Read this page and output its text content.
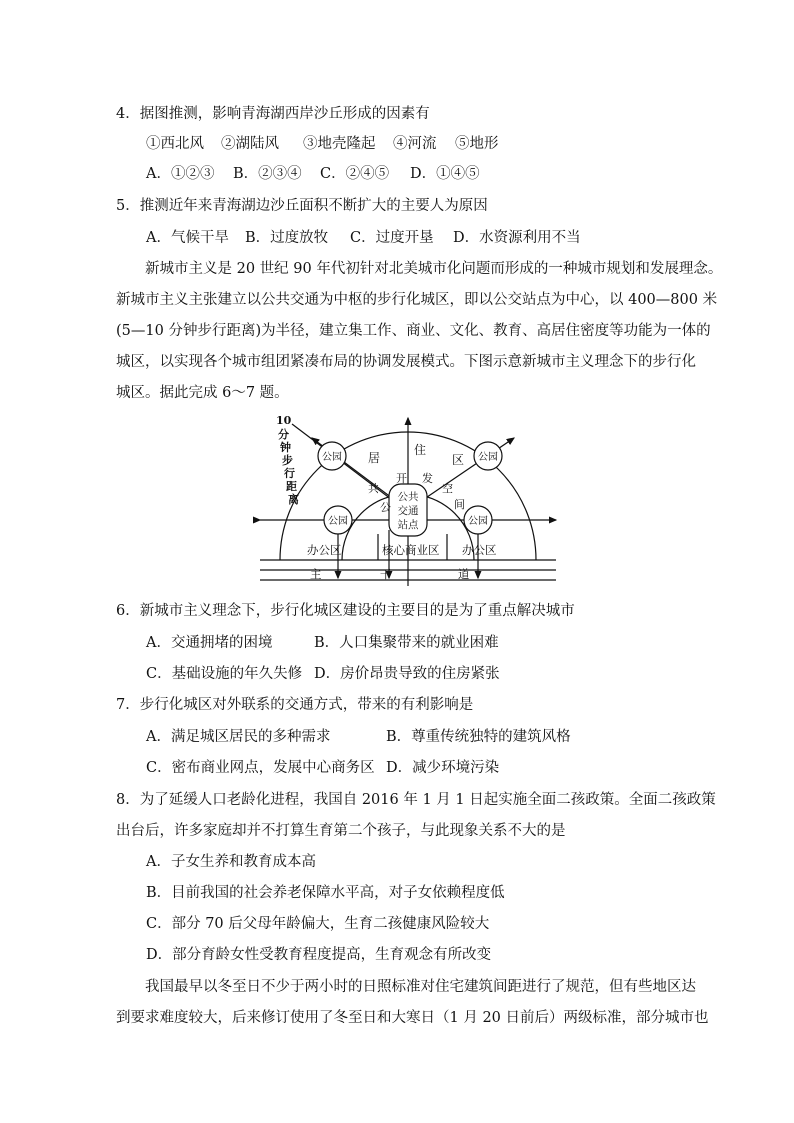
4．据图推测，影响青海湖西岸沙丘形成的因素有
①西北风 ②湖陆风 ③地壳隆起 ④河流 ⑤地形
A．①②③ B．②③④ C．②④⑤ D．①④⑤
5．推测近年来青海湖边沙丘面积不断扩大的主要人为原因
A．气候干旱 B．过度放牧 C．过度开垦 D．水资源利用不当
新城市主义是 20 世纪 90 年代初针对北美城市化问题而形成的一种城市规划和发展理念。
新城市主义主张建立以公共交通为中枢的步行化城区，即以公交站点为中心，以 400—800 米
(5—10 分钟步行距离)为半径，建立集工作、商业、文化、教育、高居住密度等功能为一体的
城区，以实现各个城市组团紧凑布局的协调发展模式。下图示意新城市主义理念下的步行化
城区。据此完成 6～7 题。
10
分
钟
步
行
距
离
公园	公园
公园	公园
公共
交通
站点
居
住
区
公
共
开 发
空
间
办公区	核心商业区 办公区
主	干	道
6．新城市主义理念下，步行化城区建设的主要目的是为了重点解决城市
A．交通拥堵的困境	B．人口集聚带来的就业困难
C．基础设施的年久失修 D．房价昂贵导致的住房紧张
7．步行化城区对外联系的交通方式，带来的有利影响是
A．满足城区居民的多种需求	B．尊重传统独特的建筑风格
C．密布商业网点，发展中心商务区 D．减少环境污染
8．为了延缓人口老龄化进程，我国自 2016 年 1 月 1 日起实施全面二孩政策。全面二孩政策
出台后，许多家庭却并不打算生育第二个孩子，与此现象关系不大的是
A．子女生养和教育成本高
B．目前我国的社会养老保障水平高，对子女依赖程度低
C．部分 70 后父母年龄偏大，生育二孩健康风险较大
D．部分育龄女性受教育程度提高，生育观念有所改变
我国最早以冬至日不少于两小时的日照标准对住宅建筑间距进行了规范，但有些地区达
到要求难度较大，后来修订使用了冬至日和大寒日（1 月 20 日前后）两级标准，部分城市也
